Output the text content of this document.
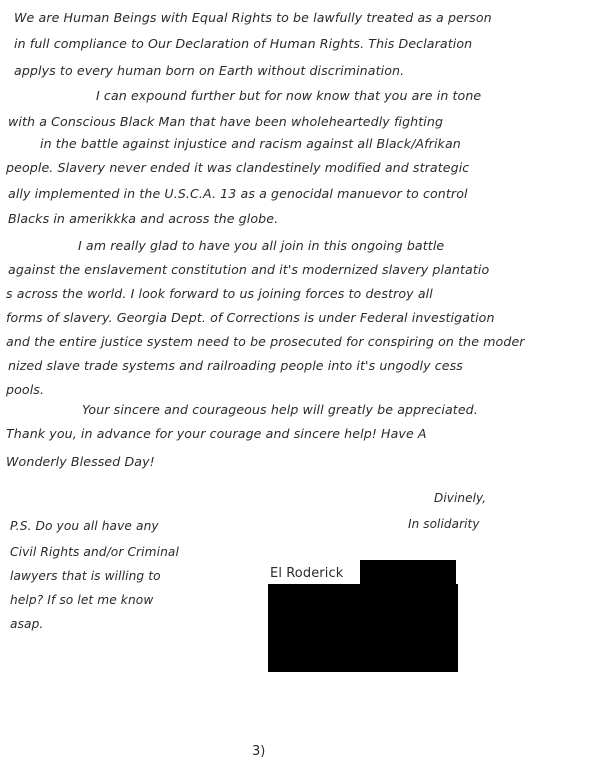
We are Human Beings with Equal Rights to be lawfully treated as a person
in full compliance to Our Declaration of Human Rights. This Declaration
applys to every human born on Earth without discrimination.
I can expound further but for now know that you are in tone
with a Conscious Black Man that have been wholeheartedly fighting
in the battle against injustice and racism against all Black/Afrikan
people. Slavery never ended it was clandestinely modified and strategic
ally implemented in the U.S.C.A. 13 as a genocidal manuevor to control
Blacks in amerikkka and across the globe.
I am really glad to have you all join in this ongoing battle
against the enslavement constitution and it's modernized slavery plantatio
s across the world. I look forward to us joining forces to destroy all
forms of slavery. Georgia Dept. of Corrections is under Federal investigation
and the entire justice system need to be prosecuted for conspiring on the moder
nized slave trade systems and railroading people into it's ungodly cess
pools.
Your sincere and courageous help will greatly be appreciated.
Thank you, in advance for your courage and sincere help! Have A
Wonderly Blessed Day!
Divinely,
In solidarity
P.S. Do you all have any
Civil Rights and/or Criminal
lawyers that is willing to
help? If so let me know
asap.
El Roderick
3)
